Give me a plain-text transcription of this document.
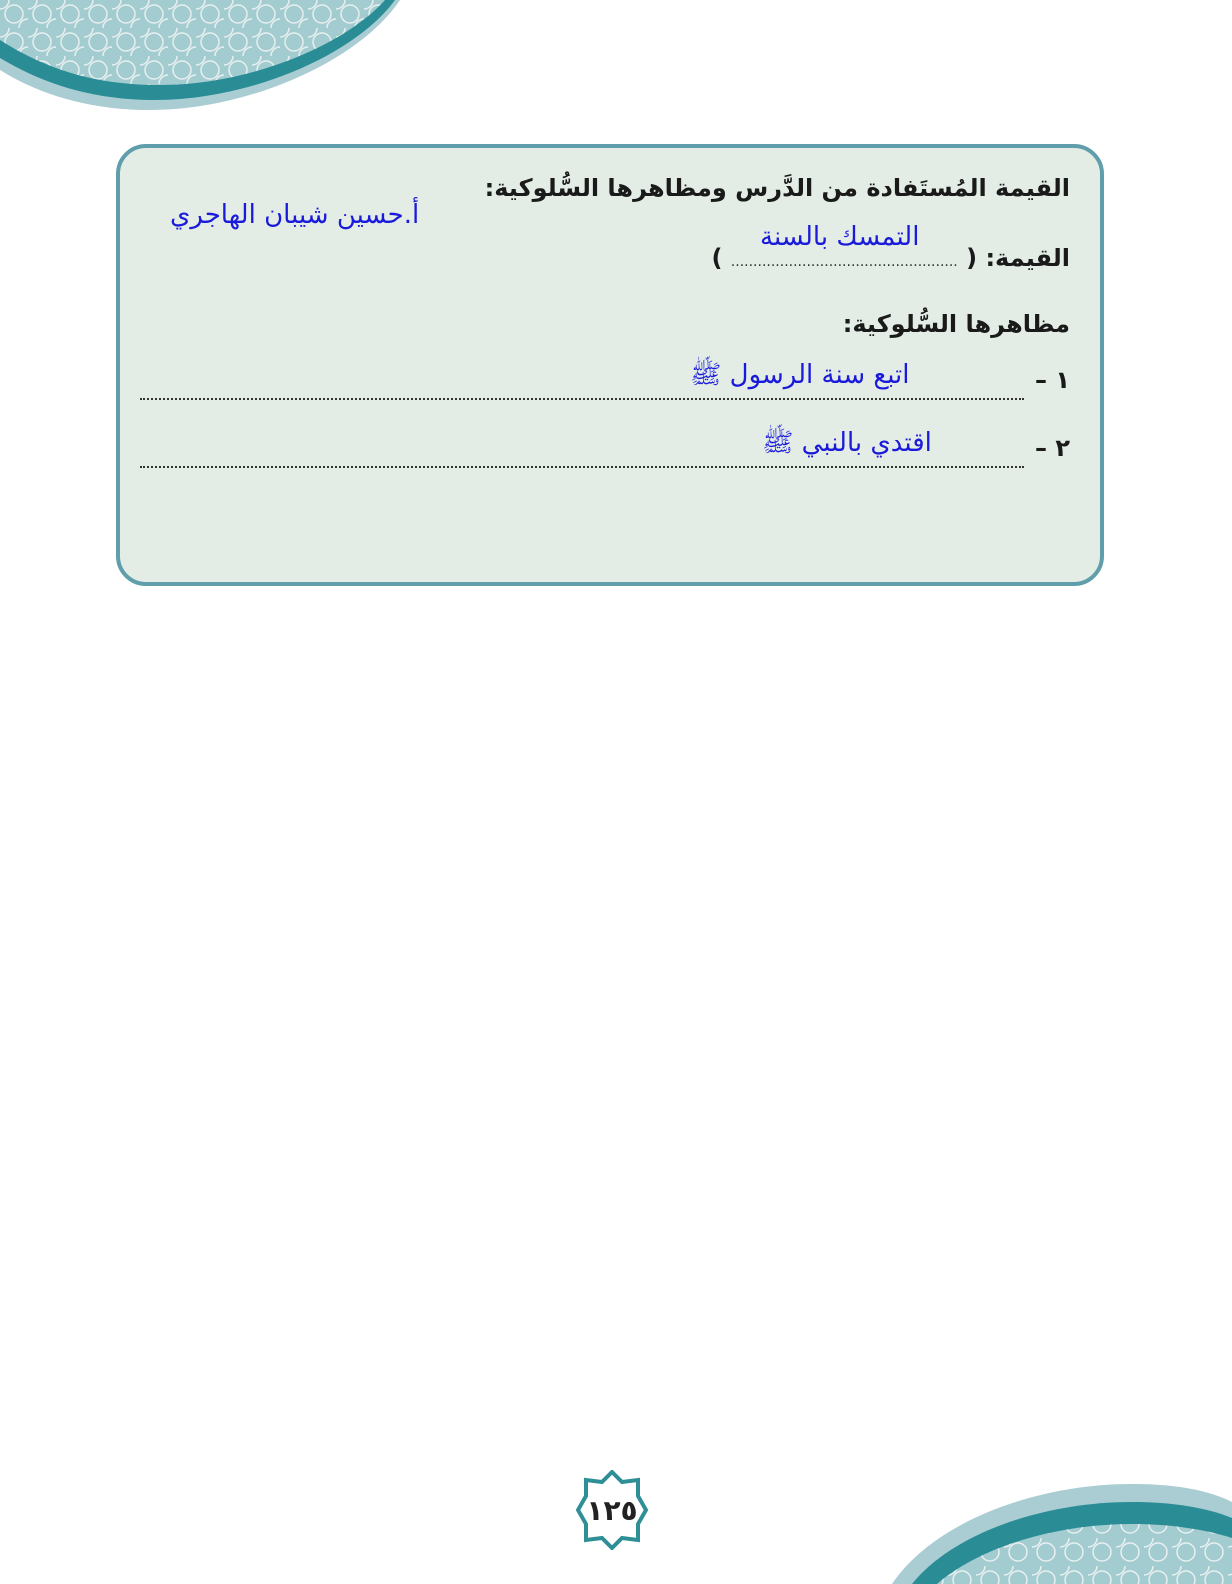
القيمة المُستَفادة من الدَّرس ومظاهرها السُّلوكية:
أ.حسين شيبان الهاجري
القيمة: ( ................................................... )
التمسك بالسنة
مظاهرها السُّلوكية:
١ –
اتبع سنة الرسول ﷺ
٢ –
اقتدي بالنبي ﷺ
١٢٥
